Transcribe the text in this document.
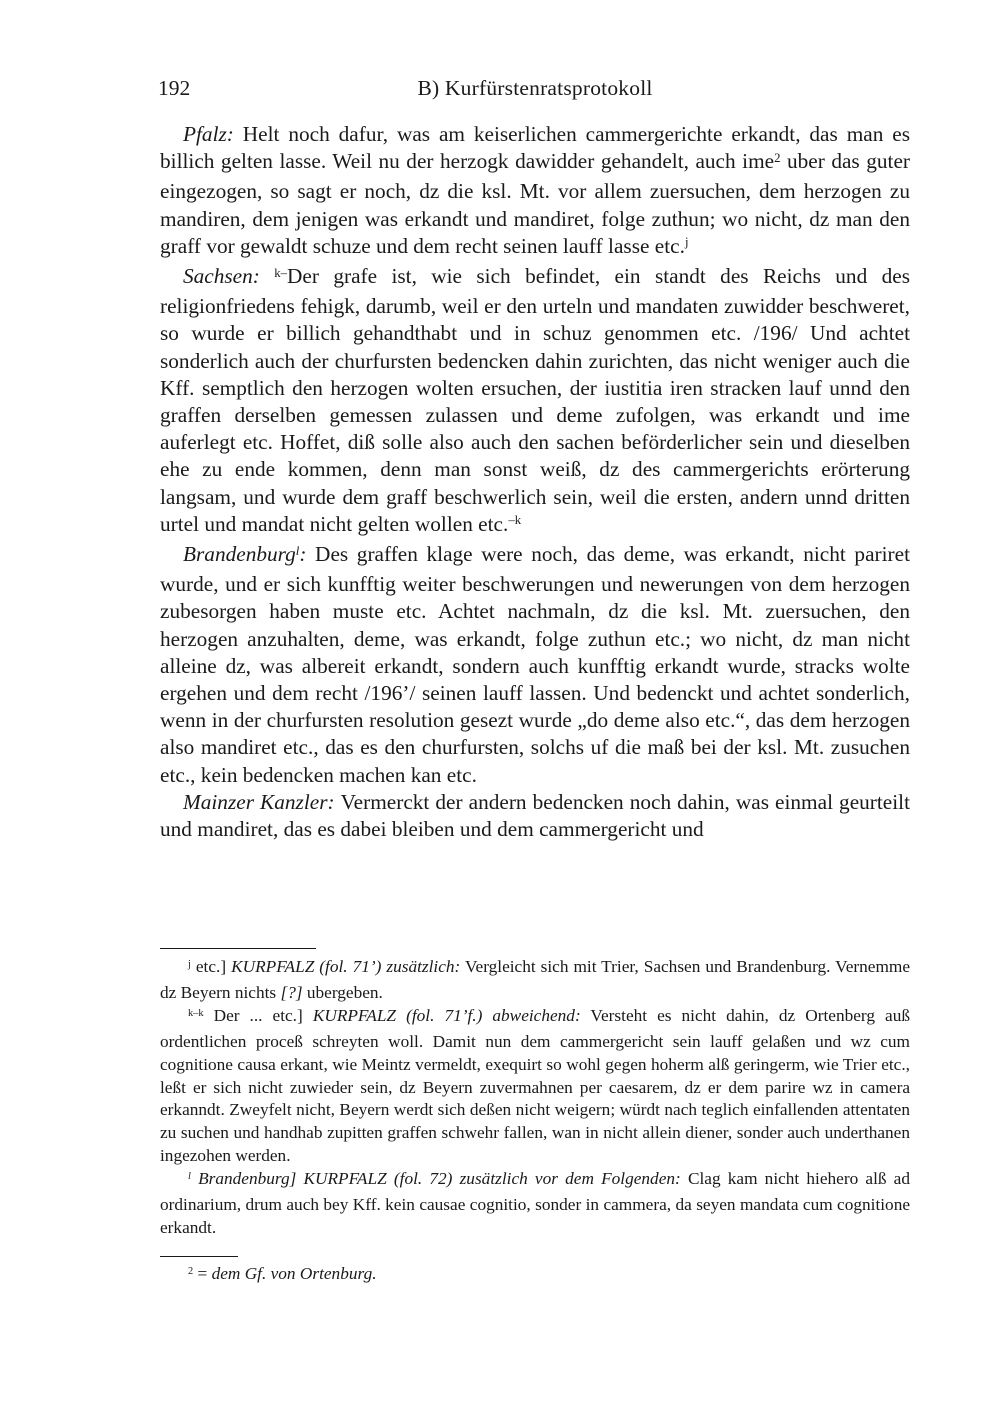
192	B) Kurfürstenratsprotokoll

Pfalz: Helt noch dafur, was am keiserlichen cammergerichte erkandt, das man es billich gelten lasse. Weil nu der herzogk dawidder gehandelt, auch ime$^2$ uber das guter eingezogen, so sagt er noch, dz die ksl. Mt. vor allem zuersuchen, dem herzogen zu mandiren, dem jenigen was erkandt und mandiret, folge zuthun; wo nicht, dz man den graff vor gewaldt schuze und dem recht seinen lauff lasse etc.$^j$

Sachsen: $^{k-}$Der grafe ist, wie sich befindet, ein standt des Reichs und des religionfriedens fehigk, darumb, weil er den urteln und mandaten zuwidder beschweret, so wurde er billich gehandthabt und in schuz genommen etc. /196/ Und achtet sonderlich auch der churfursten bedencken dahin zurichten, das nicht weniger auch die Kff. semptlich den herzogen wolten ersuchen, der iustitia iren stracken lauf unnd den graffen derselben gemessen zulassen und deme zufolgen, was erkandt und ime auferlegt etc. Hoffet, diß solle also auch den sachen beförderlicher sein und dieselben ehe zu ende kommen, denn man sonst weiß, dz des cammergerichts erörterung langsam, und wurde dem graff beschwerlich sein, weil die ersten, andern unnd dritten urtel und mandat nicht gelten wollen etc.$^{-k}$

Brandenburg$^l$: Des graffen klage were noch, das deme, was erkandt, nicht pariret wurde, und er sich kunfftig weiter beschwerungen und newerungen von dem herzogen zubesorgen haben muste etc. Achtet nachmaln, dz die ksl. Mt. zuersuchen, den herzogen anzuhalten, deme, was erkandt, folge zuthun etc.; wo nicht, dz man nicht alleine dz, was albereit erkandt, sondern auch kunfftig erkandt wurde, stracks wolte ergehen und dem recht /196’/ seinen lauff lassen. Und bedenckt und achtet sonderlich, wenn in der churfursten resolution gesezt wurde „do deme also etc.“, das dem herzogen also mandiret etc., das es den churfursten, solchs uf die maß bei der ksl. Mt. zusuchen etc., kein bedencken machen kan etc.

Mainzer Kanzler: Vermerckt der andern bedencken noch dahin, was einmal geurteilt und mandiret, das es dabei bleiben und dem cammergericht und

$^j$ etc.] KURPFALZ (fol. 71’) zusätzlich: Vergleicht sich mit Trier, Sachsen und Brandenburg. Vernemme dz Beyern nichts [?] ubergeben.

$^{k-k}$ Der ... etc.] KURPFALZ (fol. 71’f.) abweichend: Versteht es nicht dahin, dz Ortenberg auß ordentlichen proceß schreyten woll. Damit nun dem cammergericht sein lauff gelaßen und wz cum cognitione causa erkant, wie Meintz vermeldt, exequirt so wohl gegen hoherm alß geringerm, wie Trier etc., leßt er sich nicht zuwieder sein, dz Beyern zuvermahnen per caesarem, dz er dem parire wz in camera erkanndt. Zweyfelt nicht, Beyern werdt sich deßen nicht weigern; würdt nach teglich einfallenden attentaten zu suchen und handhab zupitten graffen schwehr fallen, wan in nicht allein diener, sonder auch underthanen ingezohen werden.

$^l$ Brandenburg] KURPFALZ (fol. 72) zusätzlich vor dem Folgenden: Clag kam nicht hiehero alß ad ordinarium, drum auch bey Kff. kein causae cognitio, sonder in cammera, da seyen mandata cum cognitione erkandt.

$^2$ = dem Gf. von Ortenburg.
